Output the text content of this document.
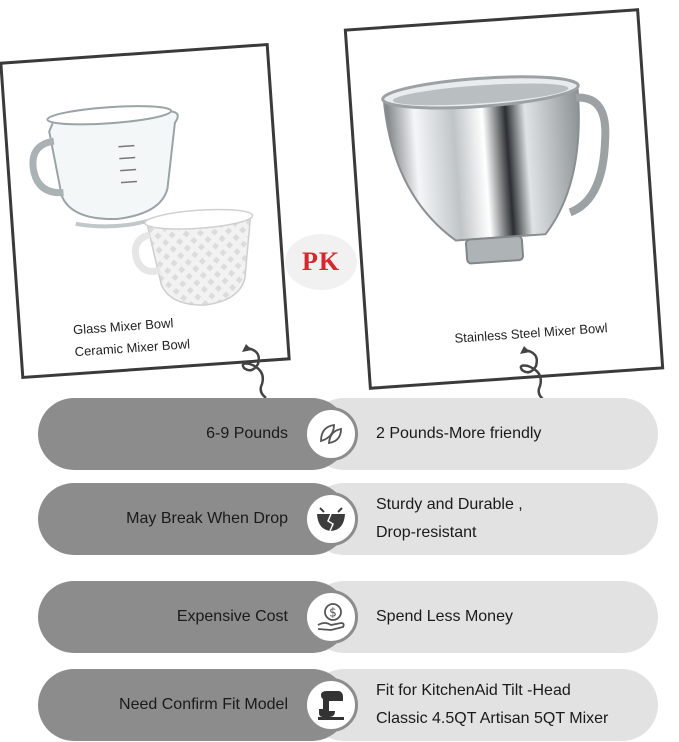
Glass Mixer Bowl
Ceramic Mixer Bowl
Stainless Steel Mixer Bowl
PK
2 Pounds-More friendly
6-9 Pounds
Sturdy and Durable ,
Drop-resistant
May Break When Drop
Spend Less Money
Expensive Cost	$
Fit for KitchenAid Tilt -Head
Classic 4.5QT Artisan 5QT Mixer
Need Confirm Fit Model
